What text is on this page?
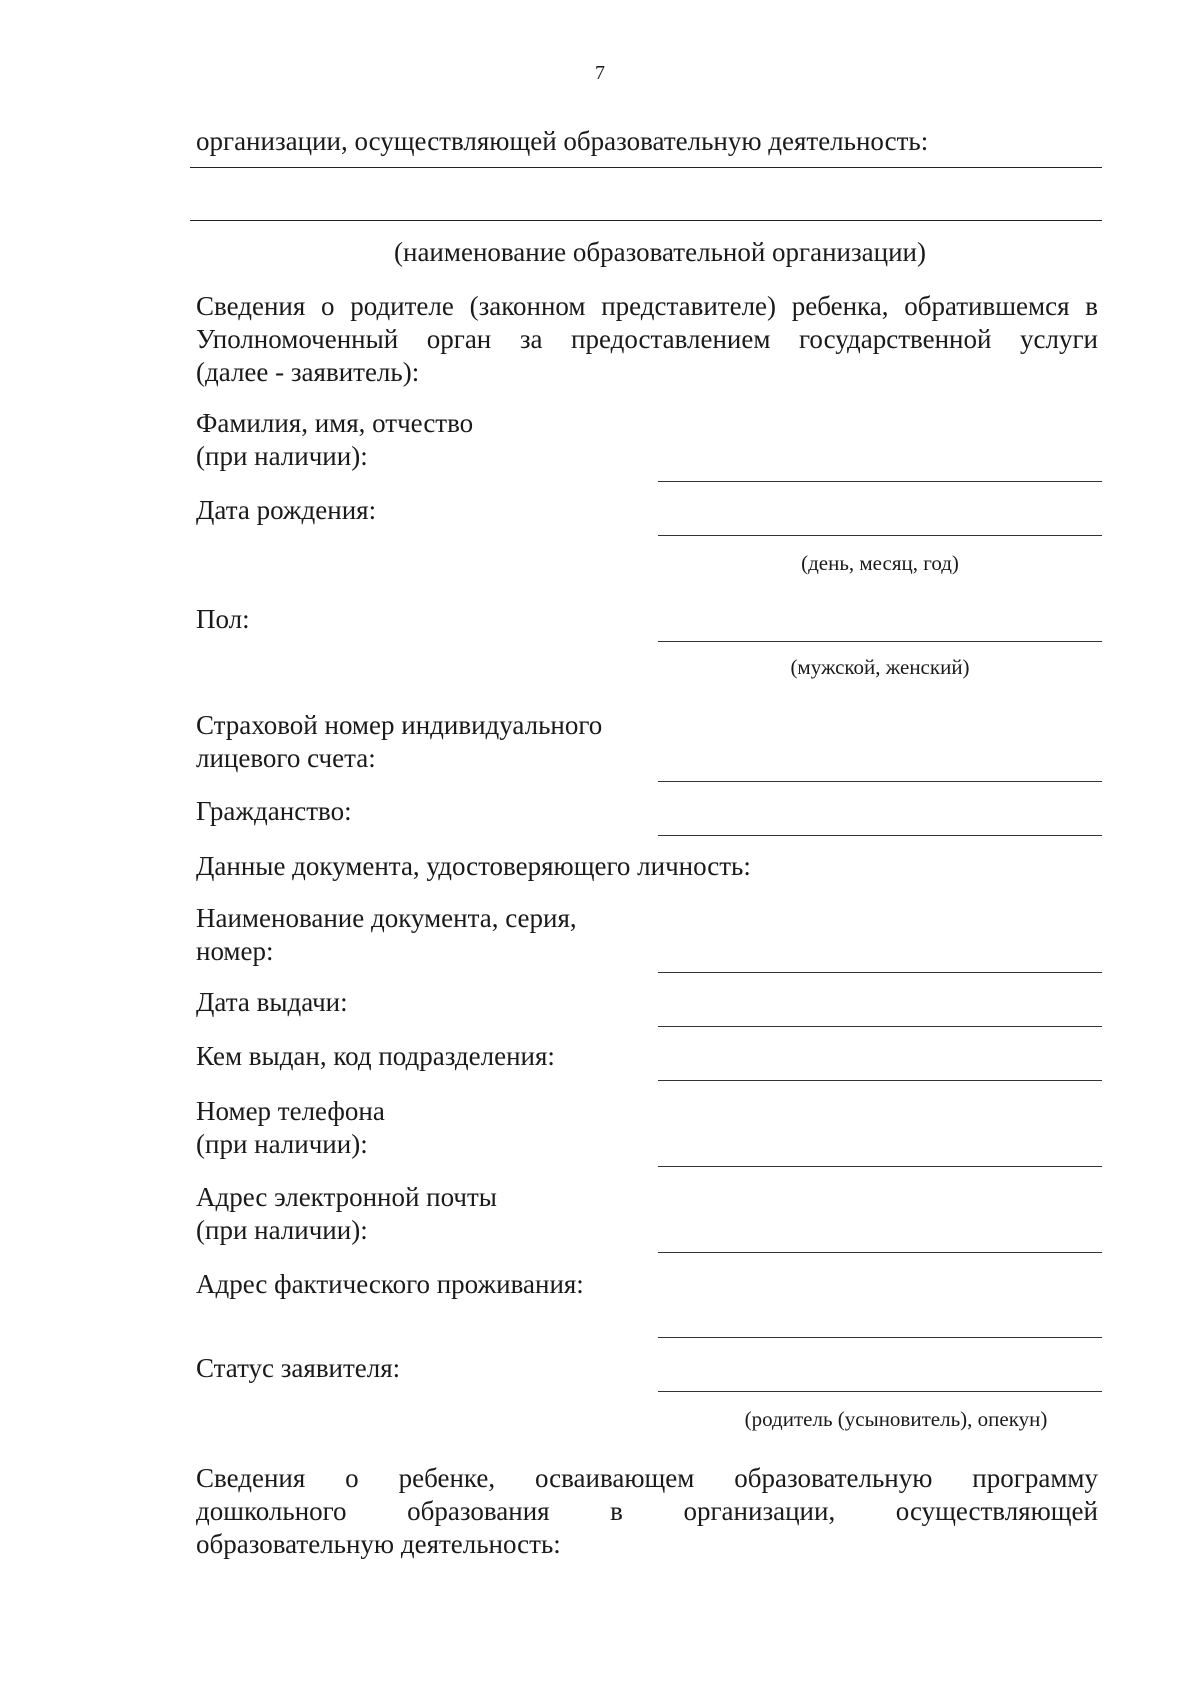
7
организации, осуществляющей образовательную деятельность:
(наименование образовательной организации)
Сведения о родителе (законном представителе) ребенка, обратившемся в
Уполномоченный орган за предоставлением государственной услуги
(далее - заявитель):
Фамилия, имя, отчество
(при наличии):
Дата рождения:
(день, месяц, год)
Пол:
(мужской, женский)
Страховой номер индивидуального
лицевого счета:
Гражданство:
Данные документа, удостоверяющего личность:
Наименование документа, серия,
номер:
Дата выдачи:
Кем выдан, код подразделения:
Номер телефона
(при наличии):
Адрес электронной почты
(при наличии):
Адрес фактического проживания:
Статус заявителя:
(родитель (усыновитель), опекун)
Сведения о ребенке, осваивающем образовательную программу
дошкольного образования в организации, осуществляющей
образовательную деятельность:
